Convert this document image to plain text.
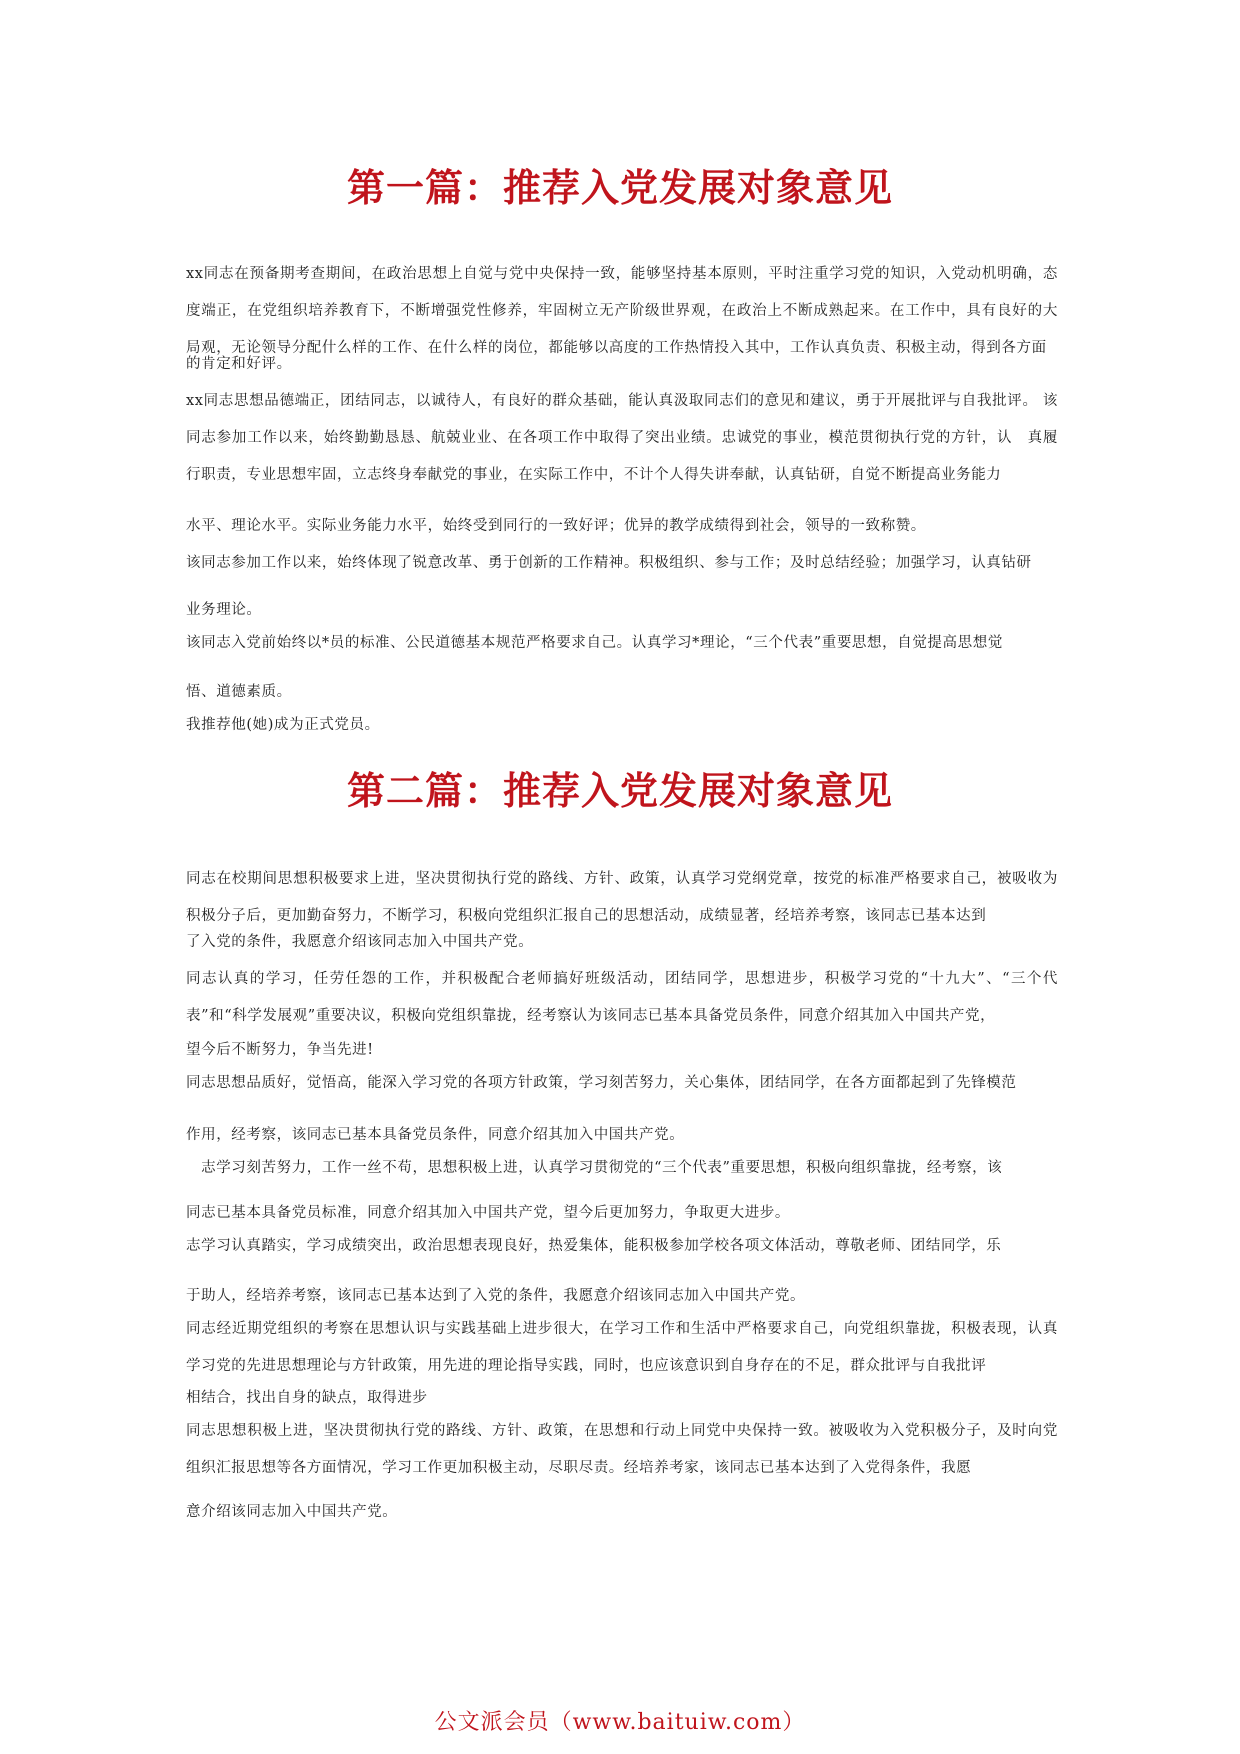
第一篇：推荐入党发展对象意见

xx同志在预备期考查期间，在政治思想上自觉与党中央保持一致，能够坚持基本原则，平时注重学习党的知识，入党动机明确，态度端正，在党组织培养教育下，不断增强党性修养，牢固树立无产阶级世界观，在政治上不断成熟起来。在工作中，具有良好的大局观，无论领导分配什么样的工作、在什么样的岗位，都能够以高度的工作热情投入其中，工作认真负责、积极主动，得到各方面

的肯定和好评。

xx同志思想品德端正，团结同志，以诚待人，有良好的群众基础，能认真汲取同志们的意见和建议，勇于开展批评与自我批评。 该同志参加工作以来，始终勤勤恳恳、航兢业业、在各项工作中取得了突出业绩。忠诚党的事业，模范贯彻执行党的方针，认　真履行职责，专业思想牢固，立志终身奉献党的事业，在实际工作中，不计个人得失讲奉献，认真钻研，自觉不断提高业务能力

水平、理论水平。实际业务能力水平，始终受到同行的一致好评；优异的教学成绩得到社会，领导的一致称赞。

该同志参加工作以来，始终体现了锐意改革、勇于创新的工作精神。积极组织、参与工作；及时总结经验；加强学习，认真钻研

业务理论。

该同志入党前始终以*员的标准、公民道德基本规范严格要求自己。认真学习*理论，“三个代表”重要思想，自觉提高思想觉

悟、道德素质。

我推荐他(她)成为正式党员。

第二篇：推荐入党发展对象意见

同志在校期间思想积极要求上进，坚决贯彻执行党的路线、方针、政策，认真学习党纲党章，按党的标准严格要求自己，被吸收为积极分子后，更加勤奋努力，不断学习，积极向党组织汇报自己的思想活动，成绩显著，经培养考察，该同志已基本达到

了入党的条件，我愿意介绍该同志加入中国共产党。

同志认真的学习，任劳任怨的工作，并积极配合老师搞好班级活动，团结同学，思想进步，积极学习党的“十九大”、“三个代表”和“科学发展观”重要决议，积极向党组织靠拢，经考察认为该同志已基本具备党员条件，同意介绍其加入中国共产党，

望今后不断努力，争当先进!

同志思想品质好，觉悟高，能深入学习党的各项方针政策，学习刻苦努力，关心集体，团结同学，在各方面都起到了先锋模范

作用，经考察，该同志已基本具备党员条件，同意介绍其加入中国共产党。

　志学习刻苦努力，工作一丝不苟，思想积极上进，认真学习贯彻党的“三个代表”重要思想，积极向组织靠拢，经考察，该

同志已基本具备党员标准，同意介绍其加入中国共产党，望今后更加努力，争取更大进步。

志学习认真踏实，学习成绩突出，政治思想表现良好，热爱集体，能积极参加学校各项文体活动，尊敬老师、团结同学，乐

于助人，经培养考察，该同志已基本达到了入党的条件，我愿意介绍该同志加入中国共产党。

同志经近期党组织的考察在思想认识与实践基础上进步很大，在学习工作和生活中严格要求自己，向党组织靠拢，积极表现，认真学习党的先进思想理论与方针政策，用先进的理论指导实践，同时，也应该意识到自身存在的不足，群众批评与自我批评

相结合，找出自身的缺点，取得进步

同志思想积极上进，坚决贯彻执行党的路线、方针、政策，在思想和行动上同党中央保持一致。被吸收为入党积极分子，及时向党组织汇报思想等各方面情况，学习工作更加积极主动，尽职尽责。经培养考家，该同志已基本达到了入党得条件，我愿

意介绍该同志加入中国共产党。

公文派会员（www.baituiw.com）
